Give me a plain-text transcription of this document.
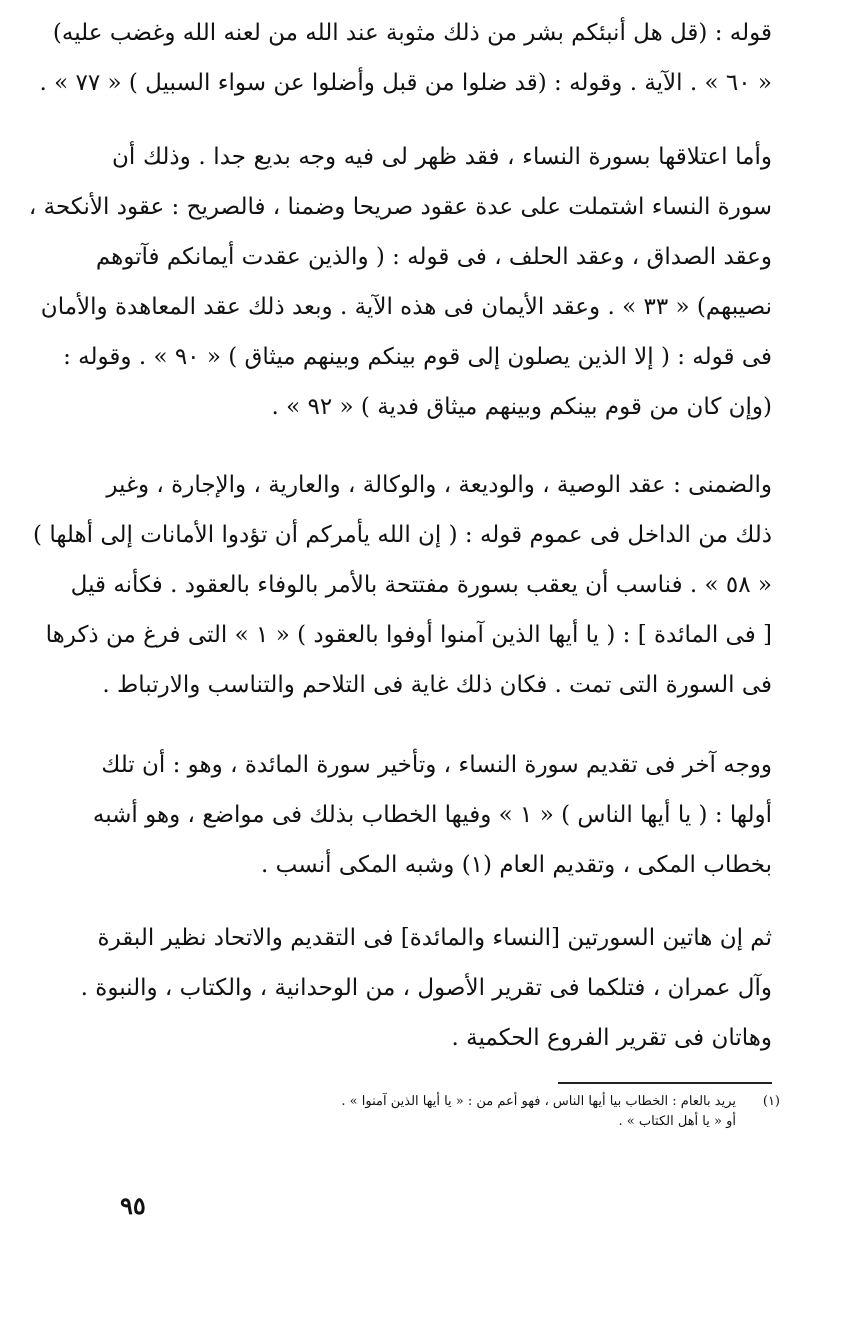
قوله : (قل هل أنبئكم بشر من ذلك مثوبة عند الله من لعنه الله وغضب عليه)
« ٦٠ » . الآية . وقوله : (قد ضلوا من قبل وأضلوا عن سواء السبيل ) « ٧٧ » .
وأما اعتلاقها بسورة النساء ، فقد ظهر لى فيه وجه بديع جدا . وذلك أن
سورة النساء اشتملت على عدة عقود صريحا وضمنا ، فالصريح : عقود الأنكحة ،
وعقد الصداق ، وعقد الحلف ، فى قوله : ( والذين عقدت أيمانكم فآتوهم
نصيبهم) « ٣٣ » . وعقد الأيمان فى هذه الآية . وبعد ذلك عقد المعاهدة والأمان
فى قوله : ( إلا الذين يصلون إلى قوم بينكم وبينهم ميثاق ) « ٩٠ » . وقوله :
(وإن كان من قوم بينكم وبينهم ميثاق فدية ) « ٩٢ » .
والضمنى : عقد الوصية ، والوديعة ، والوكالة ، والعارية ، والإجارة ، وغير
ذلك من الداخل فى عموم قوله : ( إن الله يأمركم أن تؤدوا الأمانات إلى أهلها )
« ٥٨ » . فناسب أن يعقب بسورة مفتتحة بالأمر بالوفاء بالعقود . فكأنه قيل
[ فى المائدة ] : ( يا أيها الذين آمنوا أوفوا بالعقود ) « ١ » التى فرغ من ذكرها
فى السورة التى تمت . فكان ذلك غاية فى التلاحم والتناسب والارتباط .
ووجه آخر فى تقديم سورة النساء ، وتأخير سورة المائدة ، وهو : أن تلك
أولها : ( يا أيها الناس ) « ١ » وفيها الخطاب بذلك فى مواضع ، وهو أشبه
بخطاب المكى ، وتقديم العام (١) وشبه المكى أنسب .
ثم إن هاتين السورتين [النساء والمائدة] فى التقديم والاتحاد نظير البقرة
وآل عمران ، فتلكما فى تقرير الأصول ، من الوحدانية ، والكتاب ، والنبوة .
وهاتان فى تقرير الفروع الحكمية .
(١)يريد بالعام : الخطاب بيا أيها الناس ، فهو أعم من : « يا أيها الذين آمنوا » .
أو « يا أهل الكتاب » .
٩٥
